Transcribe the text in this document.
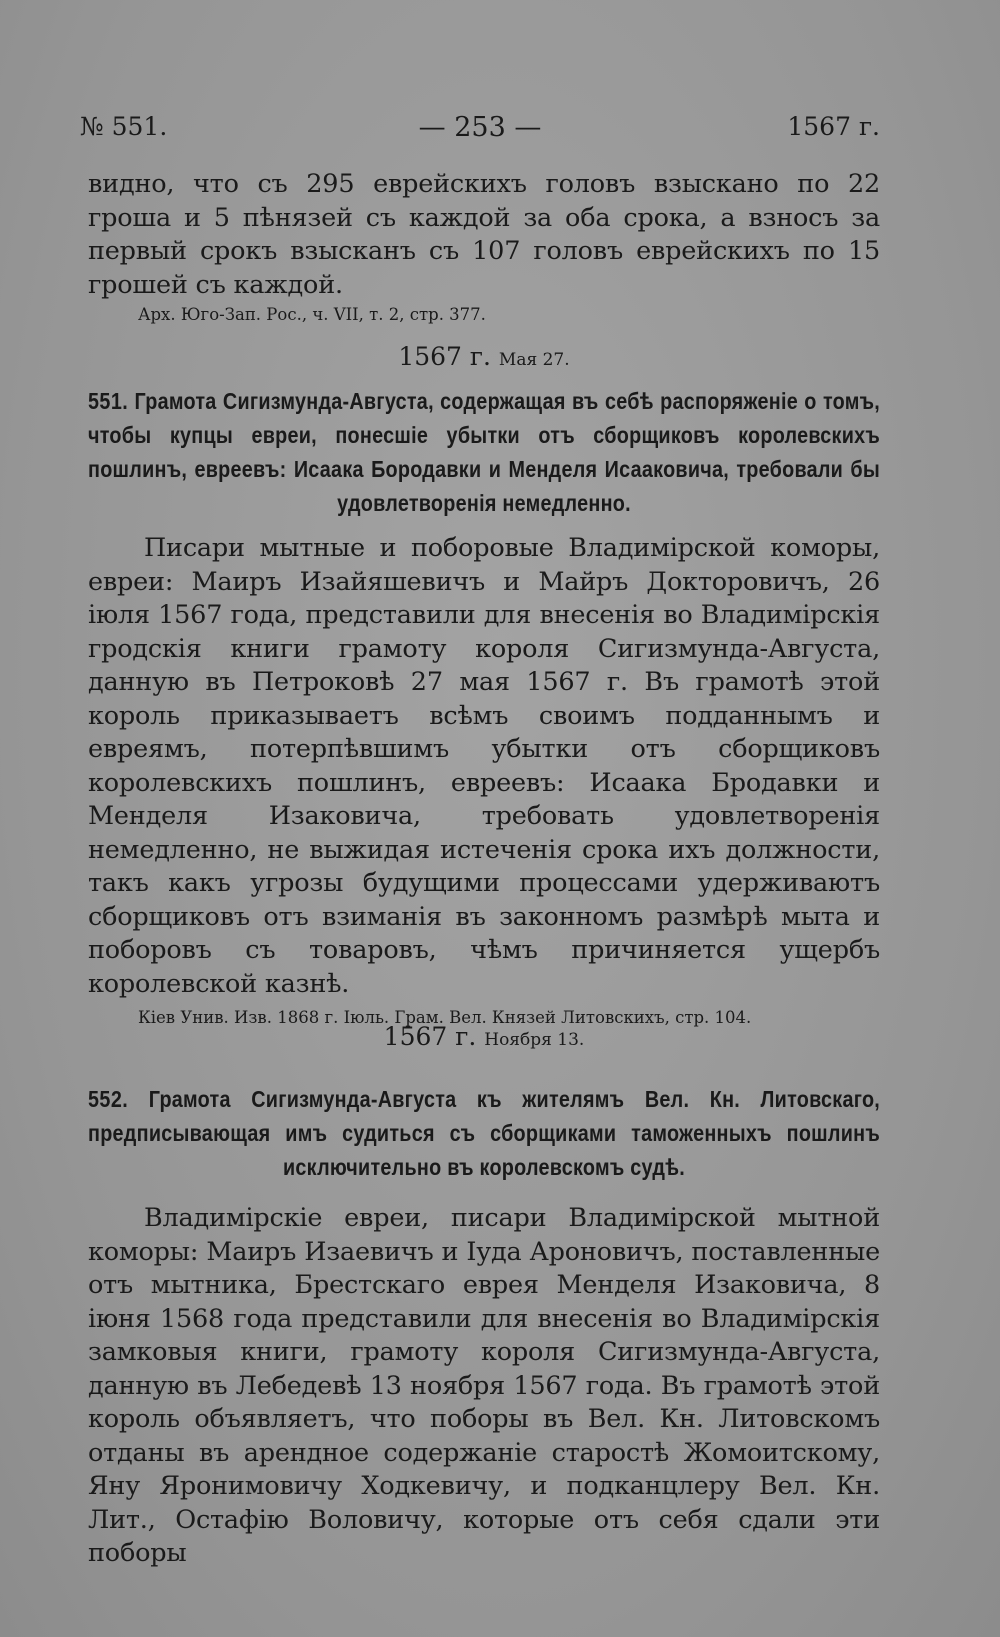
№ 551.	— 253 —	1567 г.
видно, что съ 295 еврейскихъ головъ взыскано по 22 гроша и 5 пѣнязей съ каждой за оба срока, а взносъ за первый срокъ взысканъ съ 107 головъ еврейскихъ по 15 грошей съ каждой.
Арх. Юго-Зап. Рос., ч. VII, т. 2, стр. 377.
1567 г. Мая 27.
551. Грамота Сигизмунда-Августа, содержащая въ себѣ распоряженіе о томъ, чтобы купцы евреи, понесшіе убытки отъ сборщиковъ королевскихъ пошлинъ, евреевъ: Исаака Бородавки и Менделя Исааковича, требовали бы удовлетворенія немедленно.
Писари мытные и поборовые Владимірской коморы, евреи: Маиръ Изайяшевичъ и Майръ Докторовичъ, 26 іюля 1567 года, представили для внесенія во Владимірскія гродскія книги грамоту короля Сигизмунда-Августа, данную въ Петроковѣ 27 мая 1567 г. Въ грамотѣ этой король приказываетъ всѣмъ своимъ подданнымъ и евреямъ, потерпѣвшимъ убытки отъ сборщиковъ королевскихъ пошлинъ, евреевъ: Исаака Бродавки и Менделя Изаковича, требовать удовлетворенія немедленно, не выжидая истеченія срока ихъ должности, такъ какъ угрозы будущими процессами удерживаютъ сборщиковъ отъ взиманія въ законномъ размѣрѣ мыта и поборовъ съ товаровъ, чѣмъ причиняется ущербъ королевской казнѣ.
Кіев Унив. Изв. 1868 г. Іюль. Грам. Вел. Князей Литовскихъ, стр. 104.
1567 г. Ноября 13.
552. Грамота Сигизмунда-Августа къ жителямъ Вел. Кн. Литовскаго, предписывающая имъ судиться съ сборщиками таможенныхъ пошлинъ исключительно въ королевскомъ судѣ.
Владимірскіе евреи, писари Владимірской мытной коморы: Маиръ Изаевичъ и Іуда Ароновичъ, поставленные отъ мытника, Брестскаго еврея Менделя Изаковича, 8 іюня 1568 года представили для внесенія во Владимірскія замковыя книги, грамоту короля Сигизмунда-Августа, данную въ Лебедевѣ 13 ноября 1567 года. Въ грамотѣ этой король объявляетъ, что поборы въ Вел. Кн. Литовскомъ отданы въ арендное содержаніе старостѣ Жомоитскому, Яну Яронимовичу Ходкевичу, и подканцлеру Вел. Кн. Лит., Остафію Воловичу, которые отъ себя сдали эти поборы
